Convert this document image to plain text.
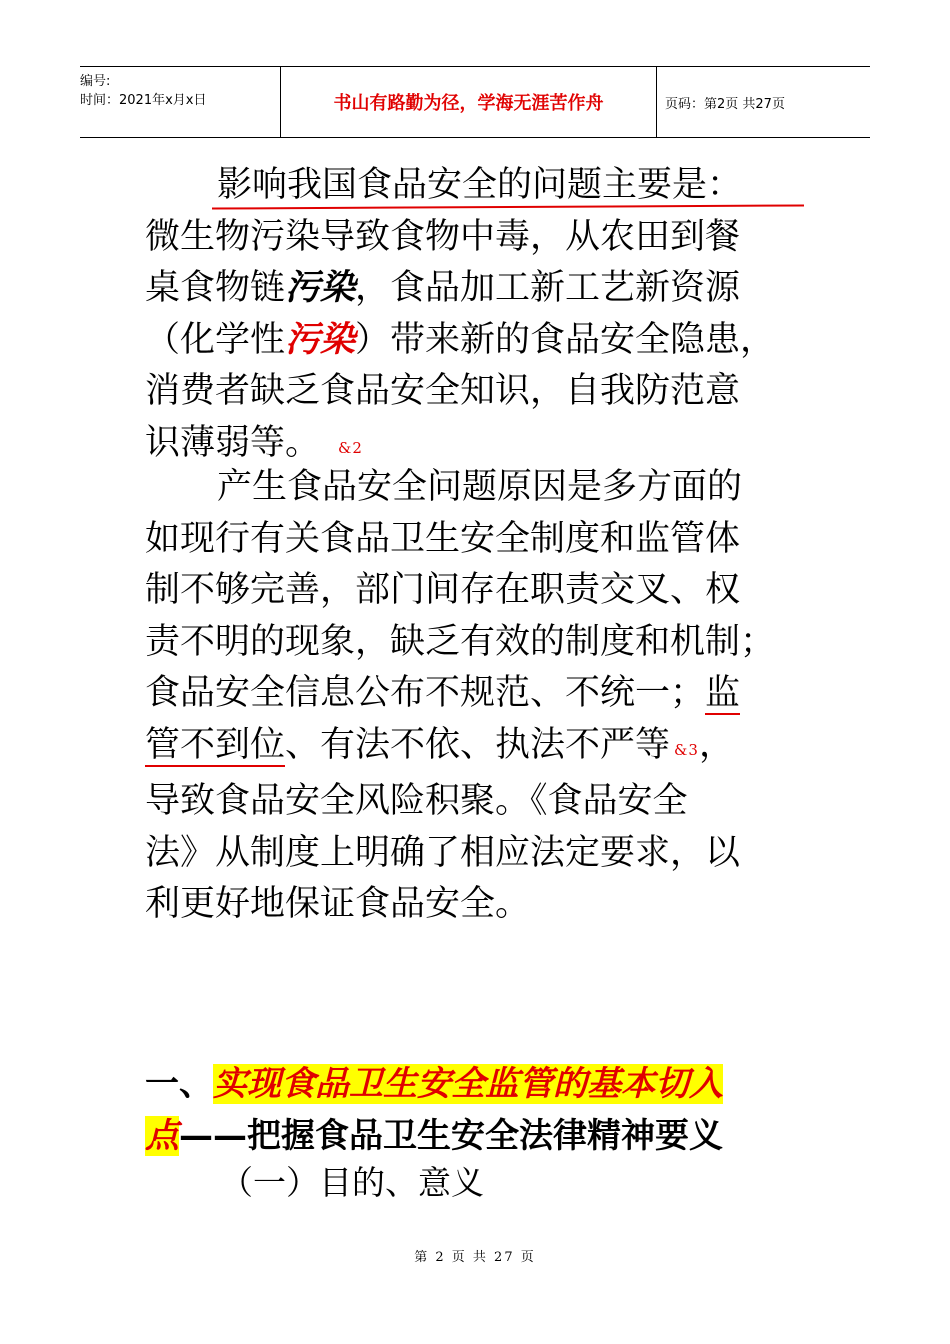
编号:
时间：2021年x月x日	书山有路勤为径，学海无涯苦作舟	页码：第2页 共27页
影响我国食品安全的问题主要是：
微生物污染导致食物中毒，从农田到餐
桌食物链污染，食品加工新工艺新资源
（化学性污染）带来新的食品安全隐患，
消费者缺乏食品安全知识，自我防范意
识薄弱等。 &2
产生食品安全问题原因是多方面的
如现行有关食品卫生安全制度和监管体
制不够完善，部门间存在职责交叉、权
责不明的现象，缺乏有效的制度和机制；
食品安全信息公布不规范、不统一；监
管不到位、有法不依、执法不严等 &3，
导致食品安全风险积聚。《食品安全
法》从制度上明确了相应法定要求，以
利更好地保证食品安全。
一、实现食品卫生安全监管的基本切入
点——把握食品卫生安全法律精神要义
（一）目的、意义
第 2 页 共 27 页
